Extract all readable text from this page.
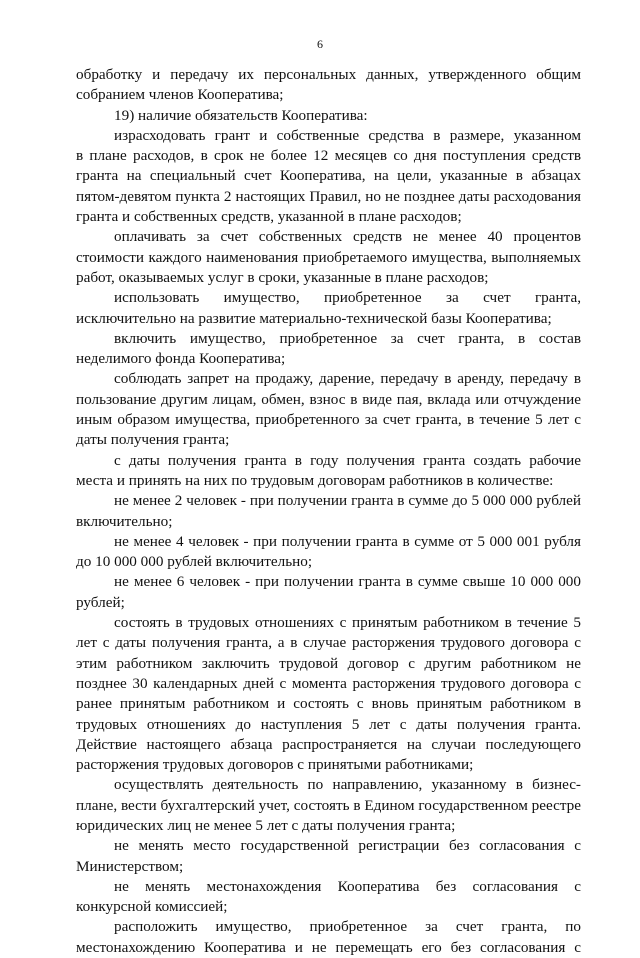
6

обработку и передачу их персональных данных, утвержденного общим
собранием членов Кооператива;

19) наличие обязательств Кооператива:

израсходовать грант и собственные средства в размере, указанном
в плане расходов, в срок не более 12 месяцев со дня поступления средств
гранта на специальный счет Кооператива, на цели, указанные в абзацах
пятом-девятом пункта 2 настоящих Правил, но не позднее даты расходования
гранта и собственных средств, указанной в плане расходов;

оплачивать за счет собственных средств не менее 40 процентов
стоимости каждого наименования приобретаемого имущества, выполняемых
работ, оказываемых услуг в сроки, указанные в плане расходов;

использовать имущество, приобретенное за счет гранта,
исключительно на развитие материально-технической базы Кооператива;

включить имущество, приобретенное за счет гранта, в состав
неделимого фонда Кооператива;

соблюдать запрет на продажу, дарение, передачу в аренду, передачу в
пользование другим лицам, обмен, взнос в виде пая, вклада или отчуждение
иным образом имущества, приобретенного за счет гранта, в течение 5 лет с
даты получения гранта;

с даты получения гранта в году получения гранта создать рабочие
места и принять на них по трудовым договорам работников в количестве:

не менее 2 человек - при получении гранта в сумме до 5 000 000 рублей
включительно;

не менее 4 человек - при получении гранта в сумме от 5 000 001 рубля
до 10 000 000 рублей включительно;

не менее 6 человек - при получении гранта в сумме свыше 10 000 000
рублей;

состоять в трудовых отношениях с принятым работником в течение 5
лет с даты получения гранта, а в случае расторжения трудового договора с
этим работником заключить трудовой договор с другим работником не
позднее 30 календарных дней с момента расторжения трудового договора с
ранее принятым работником и состоять с вновь принятым работником в
трудовых отношениях до наступления 5 лет с даты получения гранта.
Действие настоящего абзаца распространяется на случаи последующего
расторжения трудовых договоров с принятыми работниками;

осуществлять деятельность по направлению, указанному в бизнес-
плане, вести бухгалтерский учет, состоять в Едином государственном реестре
юридических лиц не менее 5 лет с даты получения гранта;

не менять место государственной регистрации без согласования с
Министерством;

не менять местонахождения Кооператива без согласования с
конкурсной комиссией;

расположить имущество, приобретенное за счет гранта, по
местонахождению Кооператива и не перемещать его без согласования с
